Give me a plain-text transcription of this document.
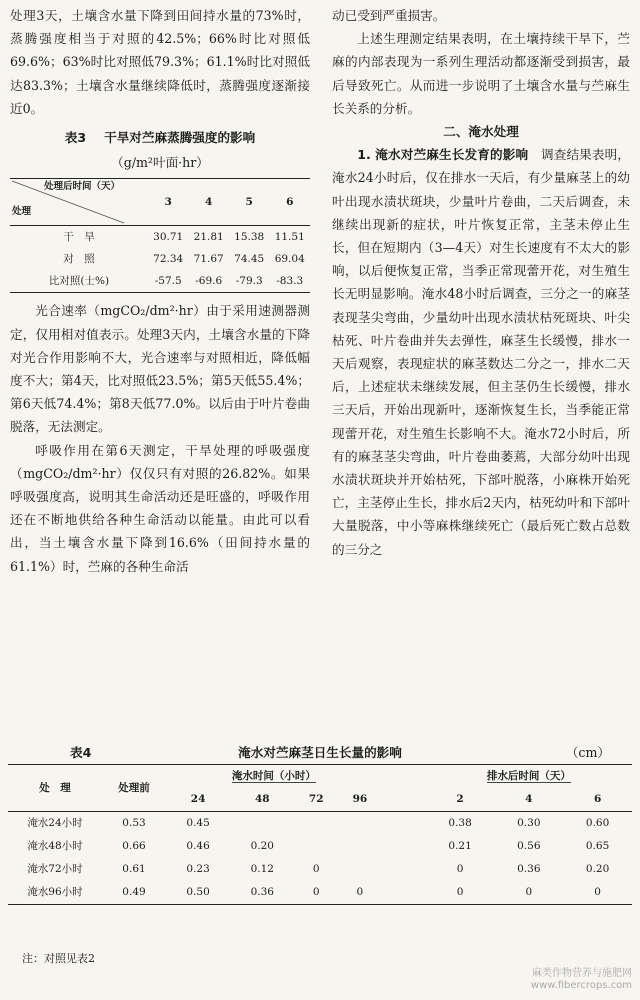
处理3天，土壤含水量下降到田间持水量的73%时，蒸腾强度相当于对照的42.5%；66%时比对照低69.6%；63%时比对照低79.3%；61.1%时比对照低达83.3%；土壤含水量继续降低时，蒸腾强度逐渐接近0。

表3 干旱对苎麻蒸腾强度的影响
（g/m²叶面·hr）
处理后时间（天）
处理	3	4	5	6
干　旱	30.71	21.81	15.38	11.51
对　照	72.34	71.67	74.45	69.04
比对照(士%)	-57.5	-69.6	-79.3	-83.3

光合速率（mgCO₂/dm²·hr）由于采用速测器测定，仅用相对值表示。处理3天内，土壤含水量的下降对光合作用影响不大，光合速率与对照相近，降低幅度不大；第4天，比对照低23.5%；第5天低55.4%；第6天低74.4%；第8天低77.0%。以后由于叶片卷曲脱落，无法测定。

呼吸作用在第6天测定，干旱处理的呼吸强度（mgCO₂/dm²·hr）仅仅只有对照的26.82%。如果呼吸强度高，说明其生命活动还是旺盛的，呼吸作用还在不断地供给各种生命活动以能量。由此可以看出，当土壤含水量下降到16.6%（田间持水量的61.1%）时，苎麻的各种生命活

动已受到严重损害。

上述生理测定结果表明，在土壤持续干旱下，苎麻的内部表现为一系列生理活动都逐渐受到损害，最后导致死亡。从而进一步说明了土壤含水量与苎麻生长关系的分析。

二、淹水处理

1. 淹水对苎麻生长发育的影响　 调查结果表明，淹水24小时后，仅在排水一天后，有少量麻茎上的幼叶出现水渍状斑块，少量叶片卷曲，二天后调查，未继续出现新的症状，叶片恢复正常，主茎未停止生长，但在短期内（3—4天）对生长速度有不太大的影响，以后便恢复正常，当季正常现蕾开花，对生殖生长无明显影响。淹水48小时后调查，三分之一的麻茎表现茎尖弯曲，少量幼叶出现水渍状枯死斑块、叶尖枯死、叶片卷曲并失去弹性，麻茎生长缓慢，排水一天后观察，表现症状的麻茎数达二分之一，排水二天后，上述症状未继续发展，但主茎仍生长缓慢，排水三天后，开始出现新叶，逐渐恢复生长，当季能正常现蕾开花，对生殖生长影响不大。淹水72小时后，所有的麻茎茎尖弯曲，叶片卷曲萎蔫，大部分幼叶出现水渍状斑块并开始枯死，下部叶脱落，小麻株开始死亡，主茎停止生长，排水后2天内，枯死幼叶和下部叶大量脱落，中小等麻株继续死亡（最后死亡数占总数的三分之

表4	淹水对苎麻茎日生长量的影响	（cm）
处　理	处理前	淹水时间（小时）					排水后时间（天）		
		24	48	72	96		2	4	6
淹水24小时	0.53	0.45					0.38	0.30	0.60
淹水48小时	0.66	0.46	0.20				0.21	0.56	0.65
淹水72小时	0.61	0.23	0.12	0			0	0.36	0.20
淹水96小时	0.49	0.50	0.36	0	0		0	0	0
注：对照见表2
麻类作物营养与施肥网
www.fibercrops.com
